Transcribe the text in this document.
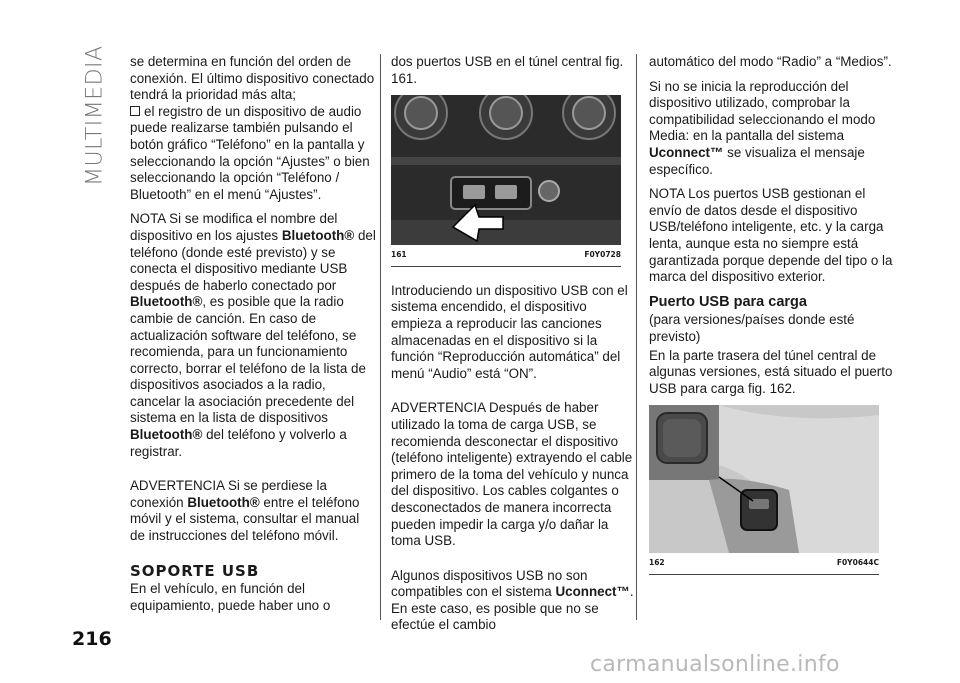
MULTIMEDIA
216

se determina en función del orden de conexión. El último dispositivo conectado tendrá la prioridad más alta;
el registro de un dispositivo de audio puede realizarse también pulsando el botón gráfico “Teléfono” en la pantalla y seleccionando la opción “Ajustes” o bien seleccionando la opción “Teléfono / Bluetooth” en el menú “Ajustes”.

NOTA Si se modifica el nombre del dispositivo en los ajustes Bluetooth® del teléfono (donde esté previsto) y se conecta el dispositivo mediante USB después de haberlo conectado por Bluetooth®, es posible que la radio cambie de canción. En caso de actualización software del teléfono, se recomienda, para un funcionamiento correcto, borrar el teléfono de la lista de dispositivos asociados a la radio, cancelar la asociación precedente del sistema en la lista de dispositivos Bluetooth® del teléfono y volverlo a registrar.

ADVERTENCIA Si se perdiese la conexión Bluetooth® entre el teléfono móvil y el sistema, consultar el manual de instrucciones del teléfono móvil.

SOPORTE USB

En el vehículo, en función del equipamiento, puede haber uno o

dos puertos USB en el túnel central fig. 161.

161	F0Y0728

Introduciendo un dispositivo USB con el sistema encendido, el dispositivo empieza a reproducir las canciones almacenadas en el dispositivo si la función “Reproducción automática” del menú “Audio” está “ON”.

ADVERTENCIA Después de haber utilizado la toma de carga USB, se recomienda desconectar el dispositivo (teléfono inteligente) extrayendo el cable primero de la toma del vehículo y nunca del dispositivo. Los cables colgantes o desconectados de manera incorrecta pueden impedir la carga y/o dañar la toma USB.

Algunos dispositivos USB no son compatibles con el sistema Uconnect™. En este caso, es posible que no se efectúe el cambio

automático del modo “Radio” a “Medios”.

Si no se inicia la reproducción del dispositivo utilizado, comprobar la compatibilidad seleccionando el modo Media: en la pantalla del sistema Uconnect™ se visualiza el mensaje específico.

NOTA Los puertos USB gestionan el envío de datos desde el dispositivo USB/teléfono inteligente, etc. y la carga lenta, aunque esta no siempre está garantizada porque depende del tipo o la marca del dispositivo exterior.

Puerto USB para carga

(para versiones/países donde esté previsto)

En la parte trasera del túnel central de algunas versiones, está situado el puerto USB para carga fig. 162.

162	F0Y0644C
carmanualsonline.info
